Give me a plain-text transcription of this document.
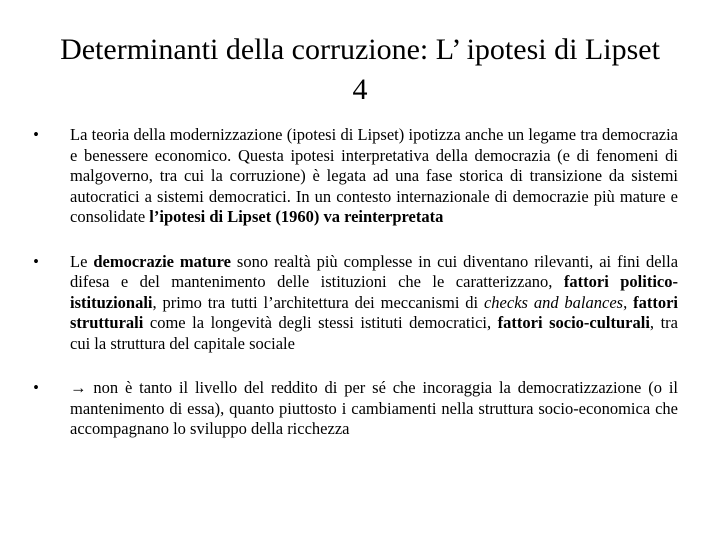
Determinanti della corruzione: L’ ipotesi di Lipset 4
• La teoria della modernizzazione (ipotesi di Lipset) ipotizza anche un legame tra democrazia e benessere economico. Questa ipotesi interpretativa della democrazia (e di fenomeni di malgoverno, tra cui la corruzione) è legata ad una fase storica di transizione da sistemi autocratici a sistemi democratici. In un contesto internazionale di democrazie più mature e consolidate l’ipotesi di Lipset (1960) va reinterpretata
• Le democrazie mature sono realtà più complesse in cui diventano rilevanti, ai fini della difesa e del mantenimento delle istituzioni che le caratterizzano, fattori politico-istituzionali, primo tra tutti l’architettura dei meccanismi di checks and balances, fattori strutturali come la longevità degli stessi istituti democratici, fattori socio-culturali, tra cui la struttura del capitale sociale
• → non è tanto il livello del reddito di per sé che incoraggia la democratizzazione (o il mantenimento di essa), quanto piuttosto i cambiamenti nella struttura socio-economica che accompagnano lo sviluppo della ricchezza
